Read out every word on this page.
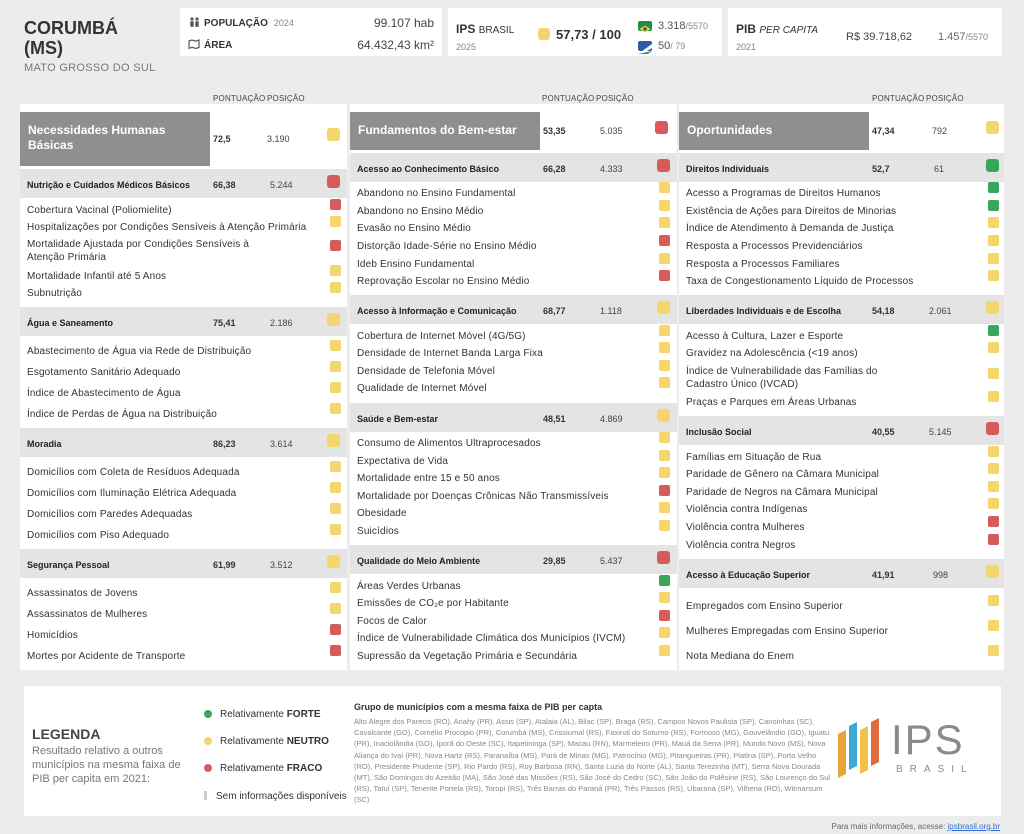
CORUMBÁ
(MS)
MATO GROSSO DO SUL
POPULAÇÃO 2024	99.107 hab
ÁREA	64.432,43 km²
IPS BRASIL
2025
57,73 / 100
3.318/5570
50/ 79
PIB PER CAPITA
2021
R$ 39.718,62 1.457/5570
PONTUAÇÃO POSIÇÃO
Necessidades Humanas Básicas	72,5	3.190
Nutrição e Cuidados Médicos Básicos	66,38	5.244
Cobertura Vacinal (Poliomielite)
Hospitalizações por Condições Sensíveis à Atenção Primária
Mortalidade Ajustada por Condições Sensíveis à Atenção Primária
Mortalidade Infantil até 5 Anos
Subnutrição
Água e Saneamento	75,41	2.186
Abastecimento de Água via Rede de Distribuição
Esgotamento Sanitário Adequado
Índice de Abastecimento de Água
Índice de Perdas de Água na Distribuição
Moradia	86,23	3.614
Domicílios com Coleta de Resíduos Adequada
Domicílios com Iluminação Elétrica Adequada
Domicílios com Paredes Adequadas
Domicílios com Piso Adequado
Segurança Pessoal	61,99	3.512
Assassinatos de Jovens
Assassinatos de Mulheres
Homicídios
Mortes por Acidente de Transporte
PONTUAÇÃO POSIÇÃO
Fundamentos do Bem-estar	53,35	5.035
Acesso ao Conhecimento Básico	66,28	4.333
Abandono no Ensino Fundamental
Abandono no Ensino Médio
Evasão no Ensino Médio
Distorção Idade-Série no Ensino Médio
Ideb Ensino Fundamental
Reprovação Escolar no Ensino Médio
Acesso à Informação e Comunicação	68,77	1.118
Cobertura de Internet Móvel (4G/5G)
Densidade de Internet Banda Larga Fixa
Densidade de Telefonia Móvel
Qualidade de Internet Móvel
Saúde e Bem-estar	48,51	4.869
Consumo de Alimentos Ultraprocesados
Expectativa de Vida
Mortalidade entre 15 e 50 anos
Mortalidade por Doenças Crônicas Não Transmissíveis
Obesidade
Suicídios
Qualidade do Meio Ambiente	29,85	5.437
Áreas Verdes Urbanas
Emissões de CO₂e por Habitante
Focos de Calor
Índice de Vulnerabilidade Climática dos Municípios (IVCM)
Supressão da Vegetação Primária e Secundária
PONTUAÇÃO POSIÇÃO
Oportunidades	47,34	792
Direitos Individuais	52,7	61
Acesso a Programas de Direitos Humanos
Existência de Ações para Direitos de Minorias
Índice de Atendimento à Demanda de Justiça
Resposta a Processos Previdenciários
Resposta a Processos Familiares
Taxa de Congestionamento Líquido de Processos
Liberdades Individuais e de Escolha	54,18	2.061
Acesso à Cultura, Lazer e Esporte
Gravidez na Adolescência (<19 anos)
Índice de Vulnerabilidade das Famílias do Cadastro Único (IVCAD)
Praças e Parques em Áreas Urbanas
Inclusão Social	40,55	5.145
Famílias em Situação de Rua
Paridade de Gênero na Câmara Municipal
Paridade de Negros na Câmara Municipal
Violência contra Indígenas
Violência contra Mulheres
Violência contra Negros
Acesso à Educação Superior	41,91	998
Empregados com Ensino Superior
Mulheres Empregadas com Ensino Superior
Nota Mediana do Enem
LEGENDA
Resultado relativo a outros municípios na mesma faixa de PIB per capita em 2021:
Relativamente FORTE
Relativamente NEUTRO
Relativamente FRACO
Sem informações disponíveis
Grupo de municípios com a mesma faixa de PIB per capta
Alto Alegre dos Parecis (RO), Anahy (PR), Assis (SP), Atalaia (AL), Bilac (SP), Braga (RS), Campos Novos Paulista (SP), Canoinhas (SC), Cavalcante (GO), Cornélio Procópio (PR), Corumbá (MS), Crissiumal (RS), Faxinal do Soturno (RS), Formoso (MG), Gouvelândio (GO), Iguatu (PR), Inaciolândia (GO), Iporã do Oeste (SC), Itapetininga (SP), Macau (RN), Marmeleiro (PR), Mauá da Serra (PR), Mundo Novo (MS), Nova Aliança do Ivaí (PR), Nova Hartz (RS), Paranaíba (MS), Pará de Minas (MG), Patrocínio (MG), Pitangueiras (PR), Platina (SP), Porto Velho (RO), Presidente Prudente (SP), Rio Pardo (RS), Ruy Barbosa (RN), Santa Luzia do Norte (AL), Santa Terezinha (MT), Serra Nova Dourada (MT), São Domingos do Azeitão (MA), São José das Missões (RS), São José do Cedro (SC), São João do Polêsine (RS), São Lourenço do Sul (RS), Tatuí (SP), Tenente Portela (RS), Toropi (RS), Três Barras do Paraná (PR), Três Passos (RS), Ubarana (SP), Vilhena (RO), Witmarsum (SC)
IPS
BRASIL
Para mais informações, acesse: ipsbrasil.org.br
